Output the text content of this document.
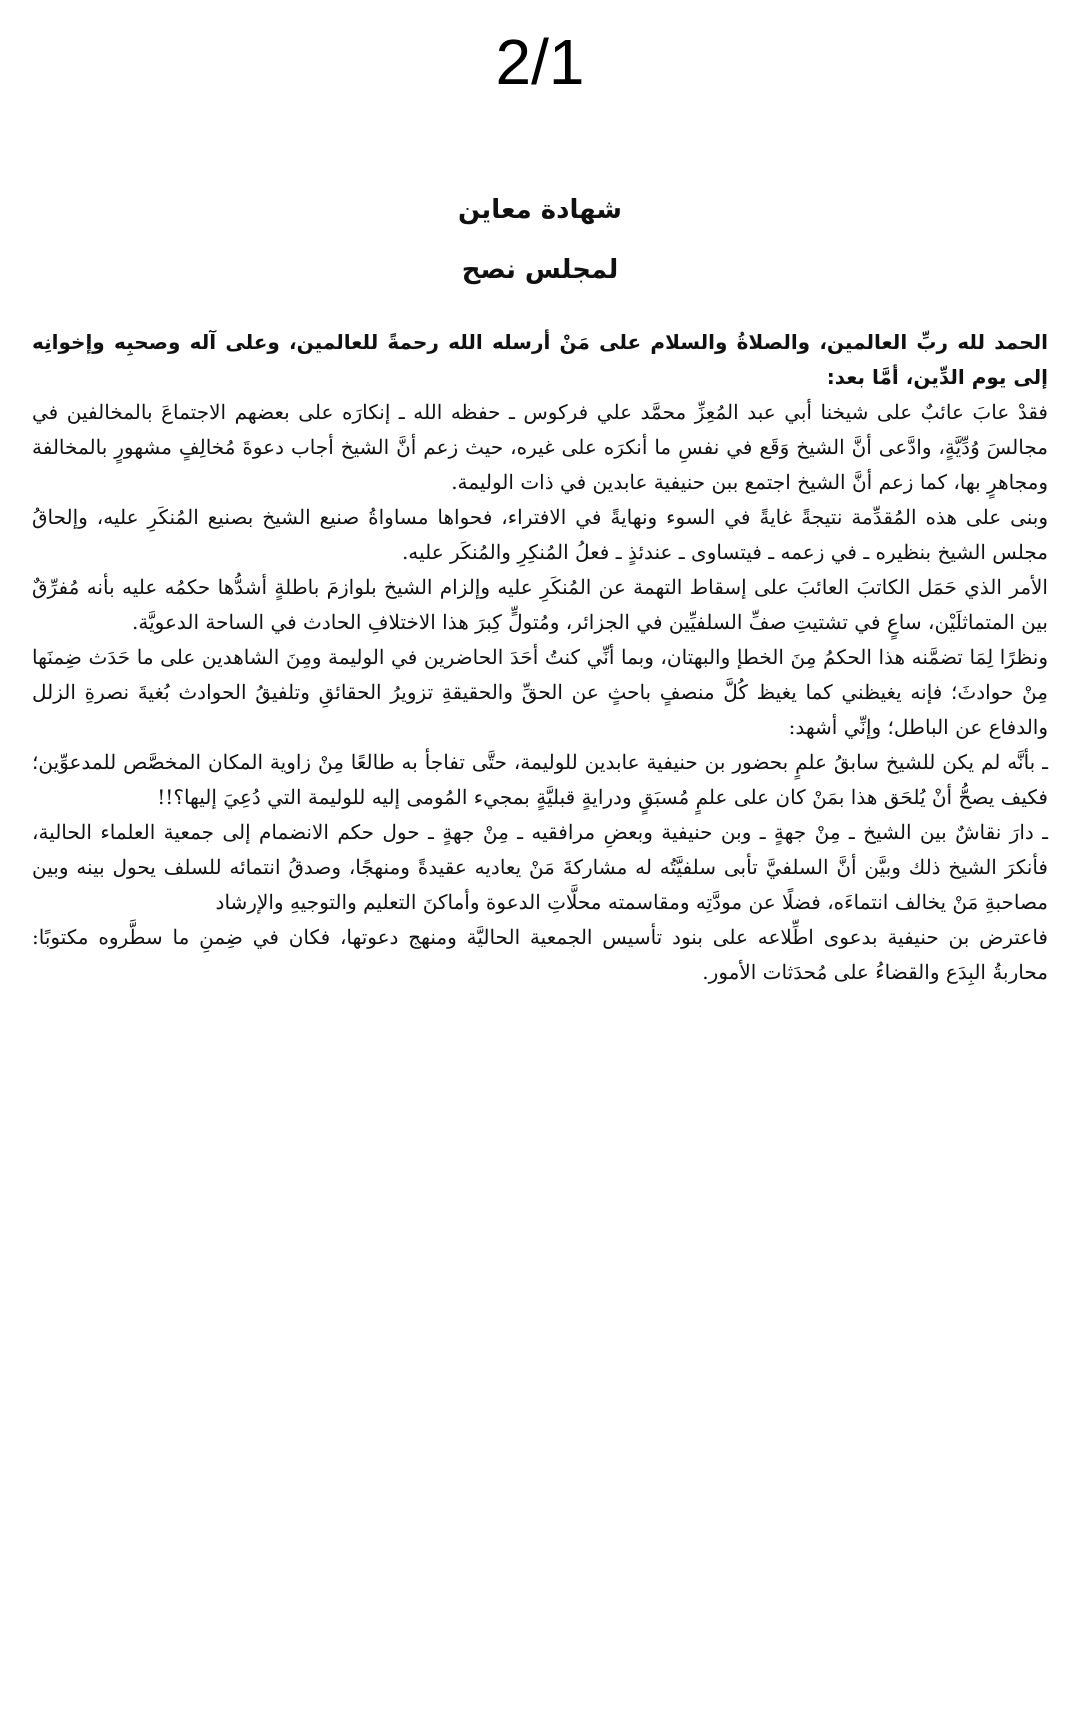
2/1

شهادة معاين

لمجلس نصح

الحمد لله ربِّ العالمين، والصلاةُ والسلام على مَنْ أرسله الله رحمةً للعالمين، وعلى آله وصحبِه وإخوانِه إلى يوم الدِّين، أمَّا بعد:

فقدْ عابَ عائبٌ على شيخنا أبي عبد المُعِزِّ محمَّد علي فركوس ـ حفظه الله ـ إنكارَه على بعضهم الاجتماعَ بالمخالفين في مجالسَ وُدِّيَّةٍ، وادَّعى أنَّ الشيخ وَقَع في نفسِ ما أنكرَه على غيره، حيث زعم أنَّ الشيخ أجاب دعوةَ مُخالِفٍ مشهورٍ بالمخالفة ومجاهرٍ بها، كما زعم أنَّ الشيخ اجتمع ببن حنيفية عابدين في ذات الوليمة.

وبنى على هذه المُقدِّمة نتيجةً غايةً في السوء ونهايةً في الافتراء، فحواها مساواةُ صنيع الشيخ بصنيع المُنكَرِ عليه، وإلحاقُ مجلس الشيخ بنظيره ـ في زعمه ـ فيتساوى ـ عندئذٍ ـ فعلُ المُنكِرِ والمُنكَر عليه.

الأمر الذي حَمَل الكاتبَ العائبَ على إسقاط التهمة عن المُنكَرِ عليه وإلزام الشيخ بلوازمَ باطلةٍ أشدُّها حكمُه عليه بأنه مُفرِّقٌ بين المتماثلَيْن، ساعٍ في تشتيتِ صفِّ السلفيِّين في الجزائر، ومُتولٍّ كِبرَ هذا الاختلافِ الحادث في الساحة الدعويَّة.

ونظرًا لِمَا تضمَّنه هذا الحكمُ مِنَ الخطإ والبهتان، وبما أنِّي كنتُ أحَدَ الحاضرين في الوليمة ومِنَ الشاهدين على ما حَدَث ضِمنَها مِنْ حوادثَ؛ فإنه يغيظني كما يغيظ كُلَّ منصفٍ باحثٍ عن الحقِّ والحقيقةِ تزويرُ الحقائقِ وتلفيقُ الحوادث بُغيةَ نصرةِ الزلل والدفاع عن الباطل؛ وإنِّي أشهد:

ـ بأنَّه لم يكن للشيخ سابقُ علمٍ بحضور بن حنيفية عابدين للوليمة، حتَّى تفاجأ به طالعًا مِنْ زاوية المكان المخصَّص للمدعوِّين؛ فكيف يصحُّ أنْ يُلحَق هذا بمَنْ كان على علمٍ مُسبَقٍ ودرايةٍ قبليَّةٍ بمجيء المُومى إليه للوليمة التي دُعِيَ إليها؟!!

ـ دارَ نقاشٌ بين الشيخ ـ مِنْ جهةٍ ـ وبن حنيفية وبعضِ مرافقيه ـ مِنْ جهةٍ ـ حول حكم الانضمام إلى جمعية العلماء الحالية، فأنكرَ الشيخ ذلك وبيَّن أنَّ السلفيَّ تأبى سلفيَّتُه له مشاركةَ مَنْ يعاديه عقيدةً ومنهجًا، وصدقُ انتمائه للسلف يحول بينه وبين مصاحبةِ مَنْ يخالف انتماءَه، فضلًا عن مودَّتِه ومقاسمته محلَّاتِ الدعوة وأماكنَ التعليم والتوجيهِ والإرشاد

فاعترض بن حنيفية بدعوى اطِّلاعه على بنود تأسيس الجمعية الحاليَّة ومنهج دعوتها، فكان في ضِمنِ ما سطَّروه مكتوبًا: محاربةُ البِدَع والقضاءُ على مُحدَثات الأمور.
